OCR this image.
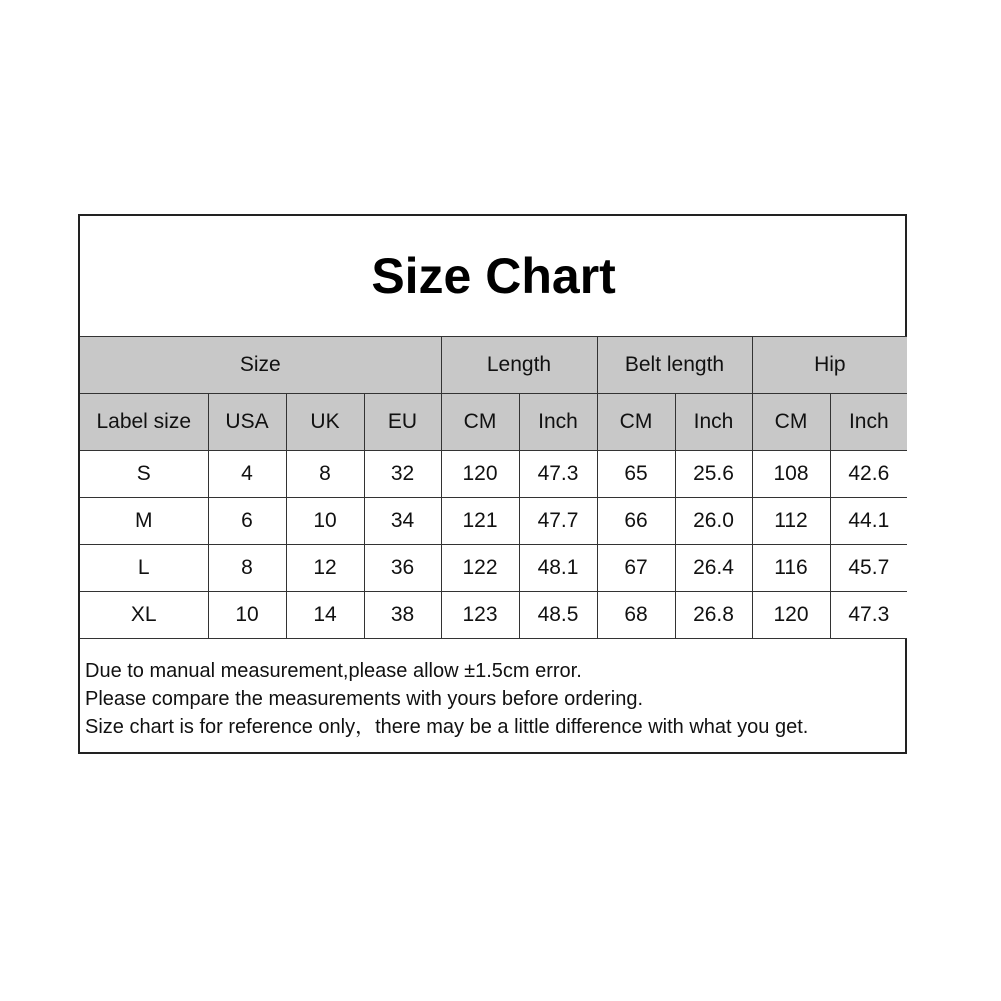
Size Chart									
Size				Length		Belt length		Hip	
Label size	USA	UK	EU	CM	Inch	CM	Inch	CM	Inch
S	4	8	32	120	47.3	65	25.6	108	42.6
M	6	10	34	121	47.7	66	26.0	112	44.1
L	8	12	36	122	48.1	67	26.4	116	45.7
XL	10	14	38	123	48.5	68	26.8	120	47.3
Due to manual measurement,please allow ±1.5cm error.
Please compare the measurements with yours before ordering.
Size chart is for reference only，there may be a little difference with what you get.
